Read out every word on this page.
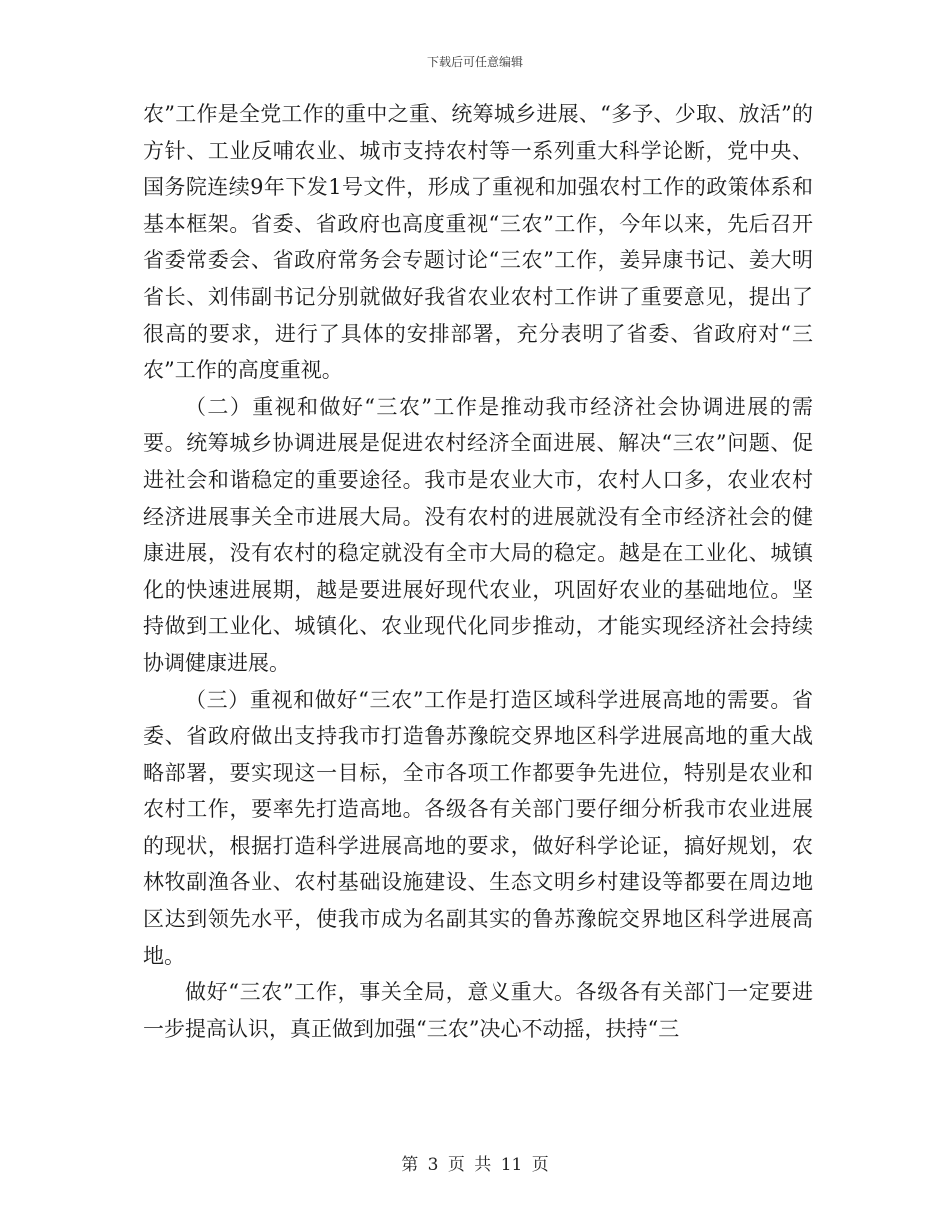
下载后可任意编辑

农”工作是全党工作的重中之重、统筹城乡进展、“多予、少取、放活”的方针、工业反哺农业、城市支持农村等一系列重大科学论断，党中央、国务院连续9年下发1号文件，形成了重视和加强农村工作的政策体系和基本框架。省委、省政府也高度重视“三农”工作，今年以来，先后召开省委常委会、省政府常务会专题讨论“三农”工作，姜异康书记、姜大明省长、刘伟副书记分别就做好我省农业农村工作讲了重要意见，提出了很高的要求，进行了具体的安排部署，充分表明了省委、省政府对“三农”工作的高度重视。

（二）重视和做好“三农”工作是推动我市经济社会协调进展的需要。统筹城乡协调进展是促进农村经济全面进展、解决“三农”问题、促进社会和谐稳定的重要途径。我市是农业大市，农村人口多，农业农村经济进展事关全市进展大局。没有农村的进展就没有全市经济社会的健康进展，没有农村的稳定就没有全市大局的稳定。越是在工业化、城镇化的快速进展期，越是要进展好现代农业，巩固好农业的基础地位。坚持做到工业化、城镇化、农业现代化同步推动，才能实现经济社会持续协调健康进展。

（三）重视和做好“三农”工作是打造区域科学进展高地的需要。省委、省政府做出支持我市打造鲁苏豫皖交界地区科学进展高地的重大战略部署，要实现这一目标，全市各项工作都要争先进位，特别是农业和农村工作，要率先打造高地。各级各有关部门要仔细分析我市农业进展的现状，根据打造科学进展高地的要求，做好科学论证，搞好规划，农林牧副渔各业、农村基础设施建设、生态文明乡村建设等都要在周边地区达到领先水平，使我市成为名副其实的鲁苏豫皖交界地区科学进展高地。

做好“三农”工作，事关全局，意义重大。各级各有关部门一定要进一步提高认识，真正做到加强“三农”决心不动摇，扶持“三

第 3 页 共 11 页
